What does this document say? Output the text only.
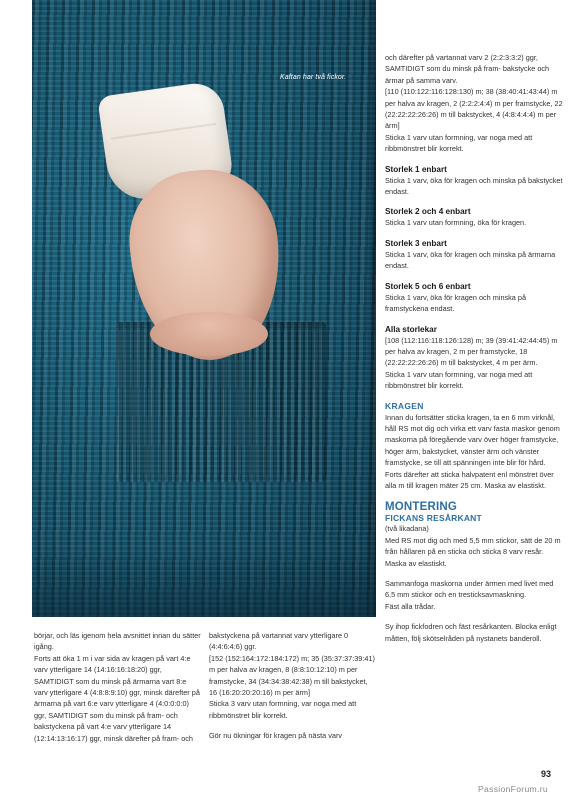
Kaftan har två fickor.

och därefter på vartannat varv 2 (2:2:3:3:2) ggr, SAMTIDIGT som du minsk på fram- bakstycke och ärmar på samma varv.

[110 (110:122:116:128:130) m; 38 (38:40:41:43:44) m per halva av kragen, 2 (2:2:2:4:4) m per framstycke, 22 (22:22:22:26:26) m till bakstycket, 4 (4:8:4:4:4) m per ärm]

Sticka 1 varv utan formning, var noga med att ribbmönstret blir korrekt.

Storlek 1 enbart

Sticka 1 varv, öka för kragen och minska på bakstycket endast.

Storlek 2 och 4 enbart

Sticka 1 varv utan formning, öka för kragen.

Storlek 3 enbart

Sticka 1 varv, öka för kragen och minska på ärmarna endast.

Storlek 5 och 6 enbart

Sticka 1 varv, öka för kragen och minska på framstyckena endast.

Alla storlekar

[108 (112:116:118:126:128) m; 39 (39:41:42:44:45) m per halva av kragen, 2 m per framstycke, 18 (22:22:22:26:26) m till bakstycket, 4 m per ärm.

Sticka 1 varv utan formning, var noga med att ribbmönstret blir korrekt.

KRAGEN

Innan du fortsätter sticka kragen, ta en 6 mm virknål, håll RS mot dig och virka ett varv fasta maskor genom maskorna på föregående varv över höger framstycke, höger ärm, bakstycket, vänster ärm och vänster framstycke, se till att spänningen inte blir för hård.

Forts därefter att sticka halvpatent enl mönstret över alla m till kragen mäter 25 cm. Maska av elastiskt.

MONTERING
FICKANS RESÅRKANT

(två likadana)

Med RS mot dig och med 5,5 mm stickor, sätt de 20 m från hållaren på en sticka och sticka 8 varv resår.

Maska av elastiskt.

Sammanfoga maskorna under ärmen med livet med 6,5 mm stickor och en tresticksavmaskning.

Fäst alla trådar.

Sy ihop fickfodren och fäst resårkanten. Blocka enligt måtten, följ skötselråden på nystanets banderoll.

börjar, och läs igenom hela avsnittet innan du sätter igång.

Forts att öka 1 m i var sida av kragen på vart 4:e varv ytterligare 14 (14:16:16:18:20) ggr, SAMTIDIGT som du minsk på ärmarna vart 8:e varv ytterligare 4 (4:8:8:9:10) ggr, minsk därefter på ärmarna på vart 6:e varv ytterligare 4 (4:0:0:0:0) ggr, SAMTIDIGT som du minsk på fram- och bakstyckena på vart 4:e varv ytterligare 14 (12:14:13:16:17) ggr, minsk därefter på fram- och

bakstyckena på vartannat varv ytterligare 0 (4:4:6:4:6) ggr.

[152 (152:164:172:184:172) m; 35 (35:37:37:39:41) m per halva av kragen, 8 (8:8:10:12:10) m per framstycke, 34 (34:34:38:42:38) m till bakstycket, 16 (16:20:20:20:16) m per ärm]

Sticka 3 varv utan formning, var noga med att ribbmönstret blir korrekt.

Gör nu ökningar för kragen på nästa varv

93
PassionForum.ru
